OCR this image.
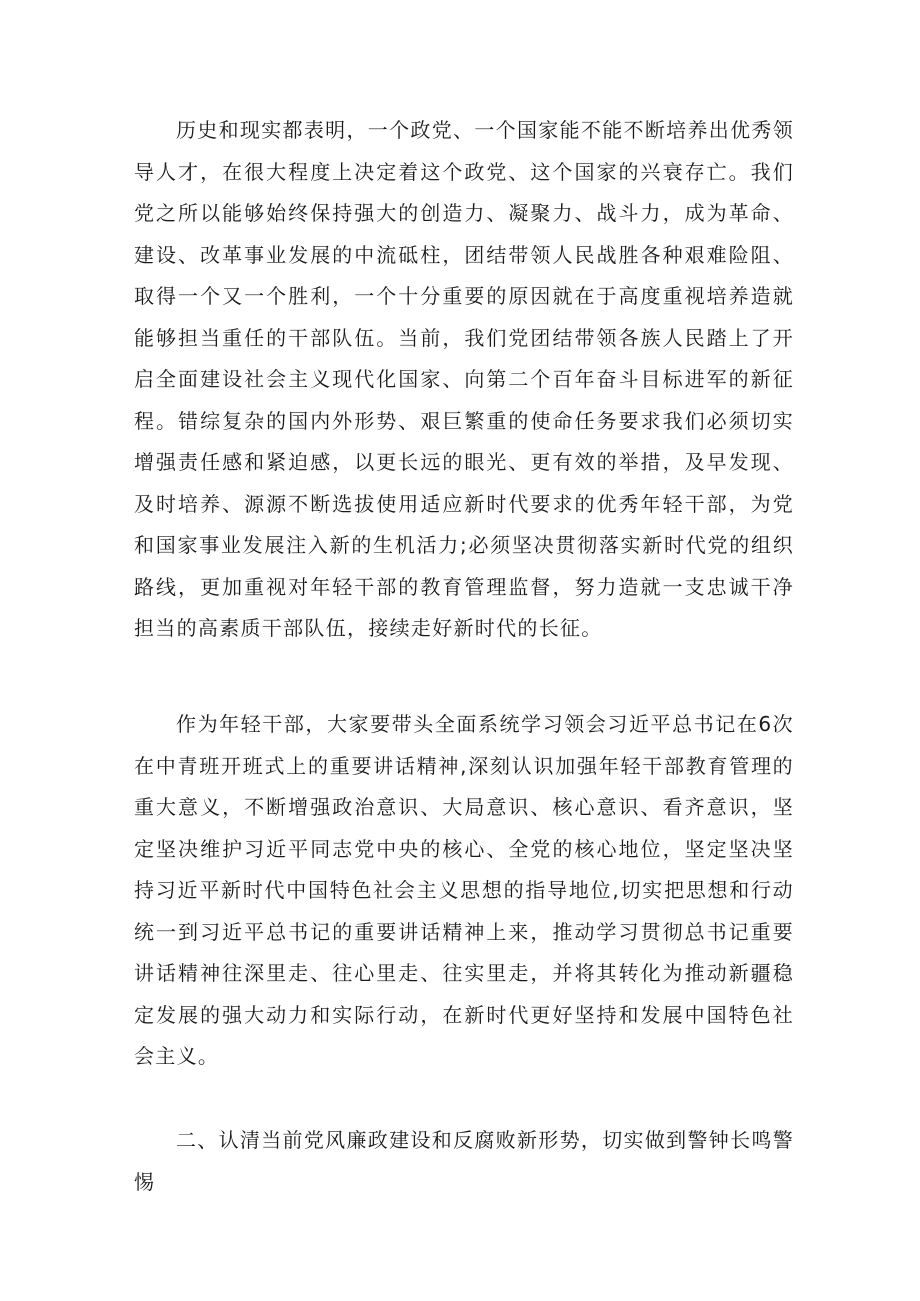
历史和现实都表明，一个政党、一个国家能不能不断培养出优秀领导人才，在很大程度上决定着这个政党、这个国家的兴衰存亡。我们党之所以能够始终保持强大的创造力、凝聚力、战斗力，成为革命、建设、改革事业发展的中流砥柱，团结带领人民战胜各种艰难险阻、取得一个又一个胜利，一个十分重要的原因就在于高度重视培养造就能够担当重任的干部队伍。当前，我们党团结带领各族人民踏上了开启全面建设社会主义现代化国家、向第二个百年奋斗目标进军的新征程。错综复杂的国内外形势、艰巨繁重的使命任务要求我们必须切实增强责任感和紧迫感，以更长远的眼光、更有效的举措，及早发现、及时培养、源源不断选拔使用适应新时代要求的优秀年轻干部，为党和国家事业发展注入新的生机活力;必须坚决贯彻落实新时代党的组织路线，更加重视对年轻干部的教育管理监督，努力造就一支忠诚干净担当的高素质干部队伍，接续走好新时代的长征。

作为年轻干部，大家要带头全面系统学习领会习近平总书记在6次在中青班开班式上的重要讲话精神,深刻认识加强年轻干部教育管理的重大意义，不断增强政治意识、大局意识、核心意识、看齐意识，坚定坚决维护习近平同志党中央的核心、全党的核心地位，坚定坚决坚持习近平新时代中国特色社会主义思想的指导地位,切实把思想和行动统一到习近平总书记的重要讲话精神上来，推动学习贯彻总书记重要讲话精神往深里走、往心里走、往实里走，并将其转化为推动新疆稳定发展的强大动力和实际行动，在新时代更好坚持和发展中国特色社会主义。

二、认清当前党风廉政建设和反腐败新形势，切实做到警钟长鸣警惕
